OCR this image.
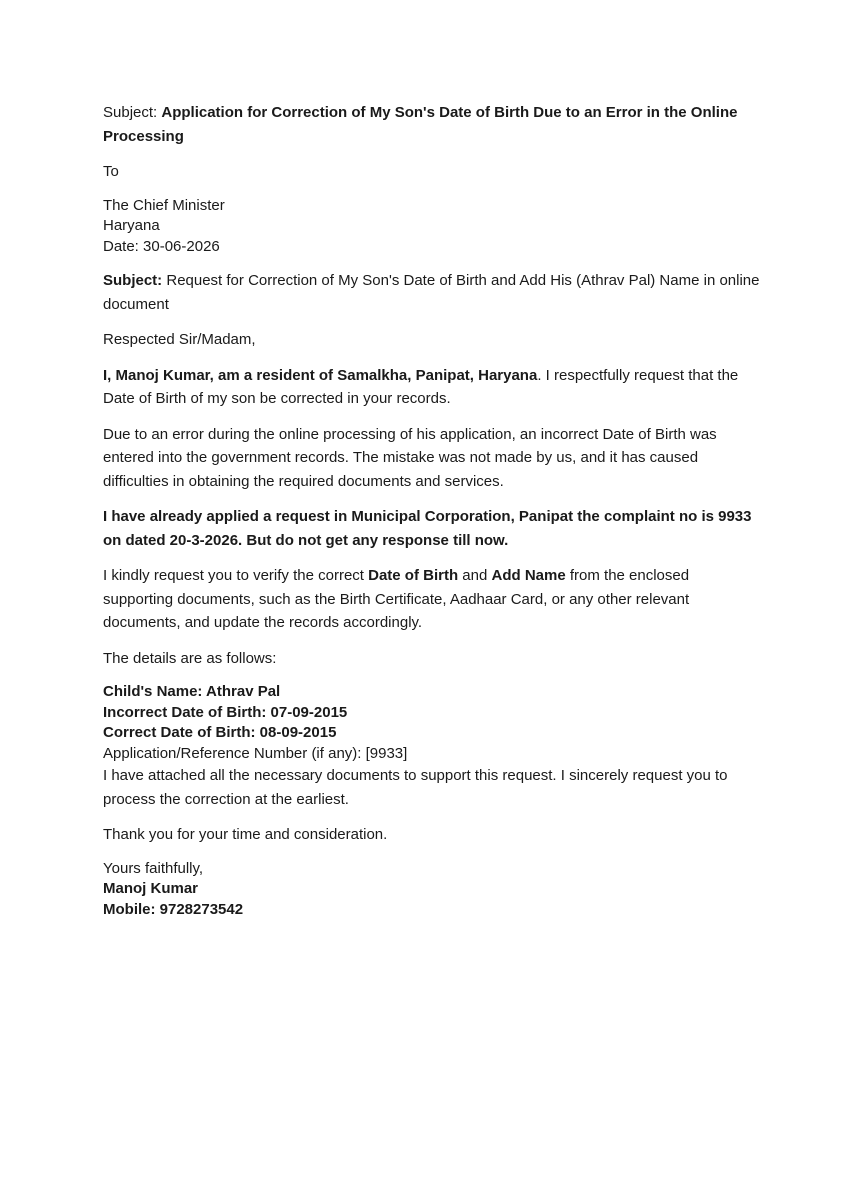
Subject: Application for Correction of My Son's Date of Birth Due to an Error in the Online Processing

To

The Chief Minister
Haryana
Date: 30-06-2026

Subject: Request for Correction of My Son's Date of Birth and Add His (Athrav Pal) Name in online document

Respected Sir/Madam,

I, Manoj Kumar, am a resident of Samalkha, Panipat, Haryana. I respectfully request that the Date of Birth of my son be corrected in your records.

Due to an error during the online processing of his application, an incorrect Date of Birth was entered into the government records. The mistake was not made by us, and it has caused difficulties in obtaining the required documents and services.

I have already applied a request in Municipal Corporation, Panipat the complaint no is 9933 on dated 20-3-2026. But do not get any response till now.

I kindly request you to verify the correct Date of Birth and Add Name from the enclosed supporting documents, such as the Birth Certificate, Aadhaar Card, or any other relevant documents, and update the records accordingly.

The details are as follows:

Child's Name: Athrav Pal
Incorrect Date of Birth: 07-09-2015
Correct Date of Birth: 08-09-2015
Application/Reference Number (if any): [9933]

I have attached all the necessary documents to support this request. I sincerely request you to process the correction at the earliest.

Thank you for your time and consideration.

Yours faithfully,
Manoj Kumar
Mobile: 9728273542
